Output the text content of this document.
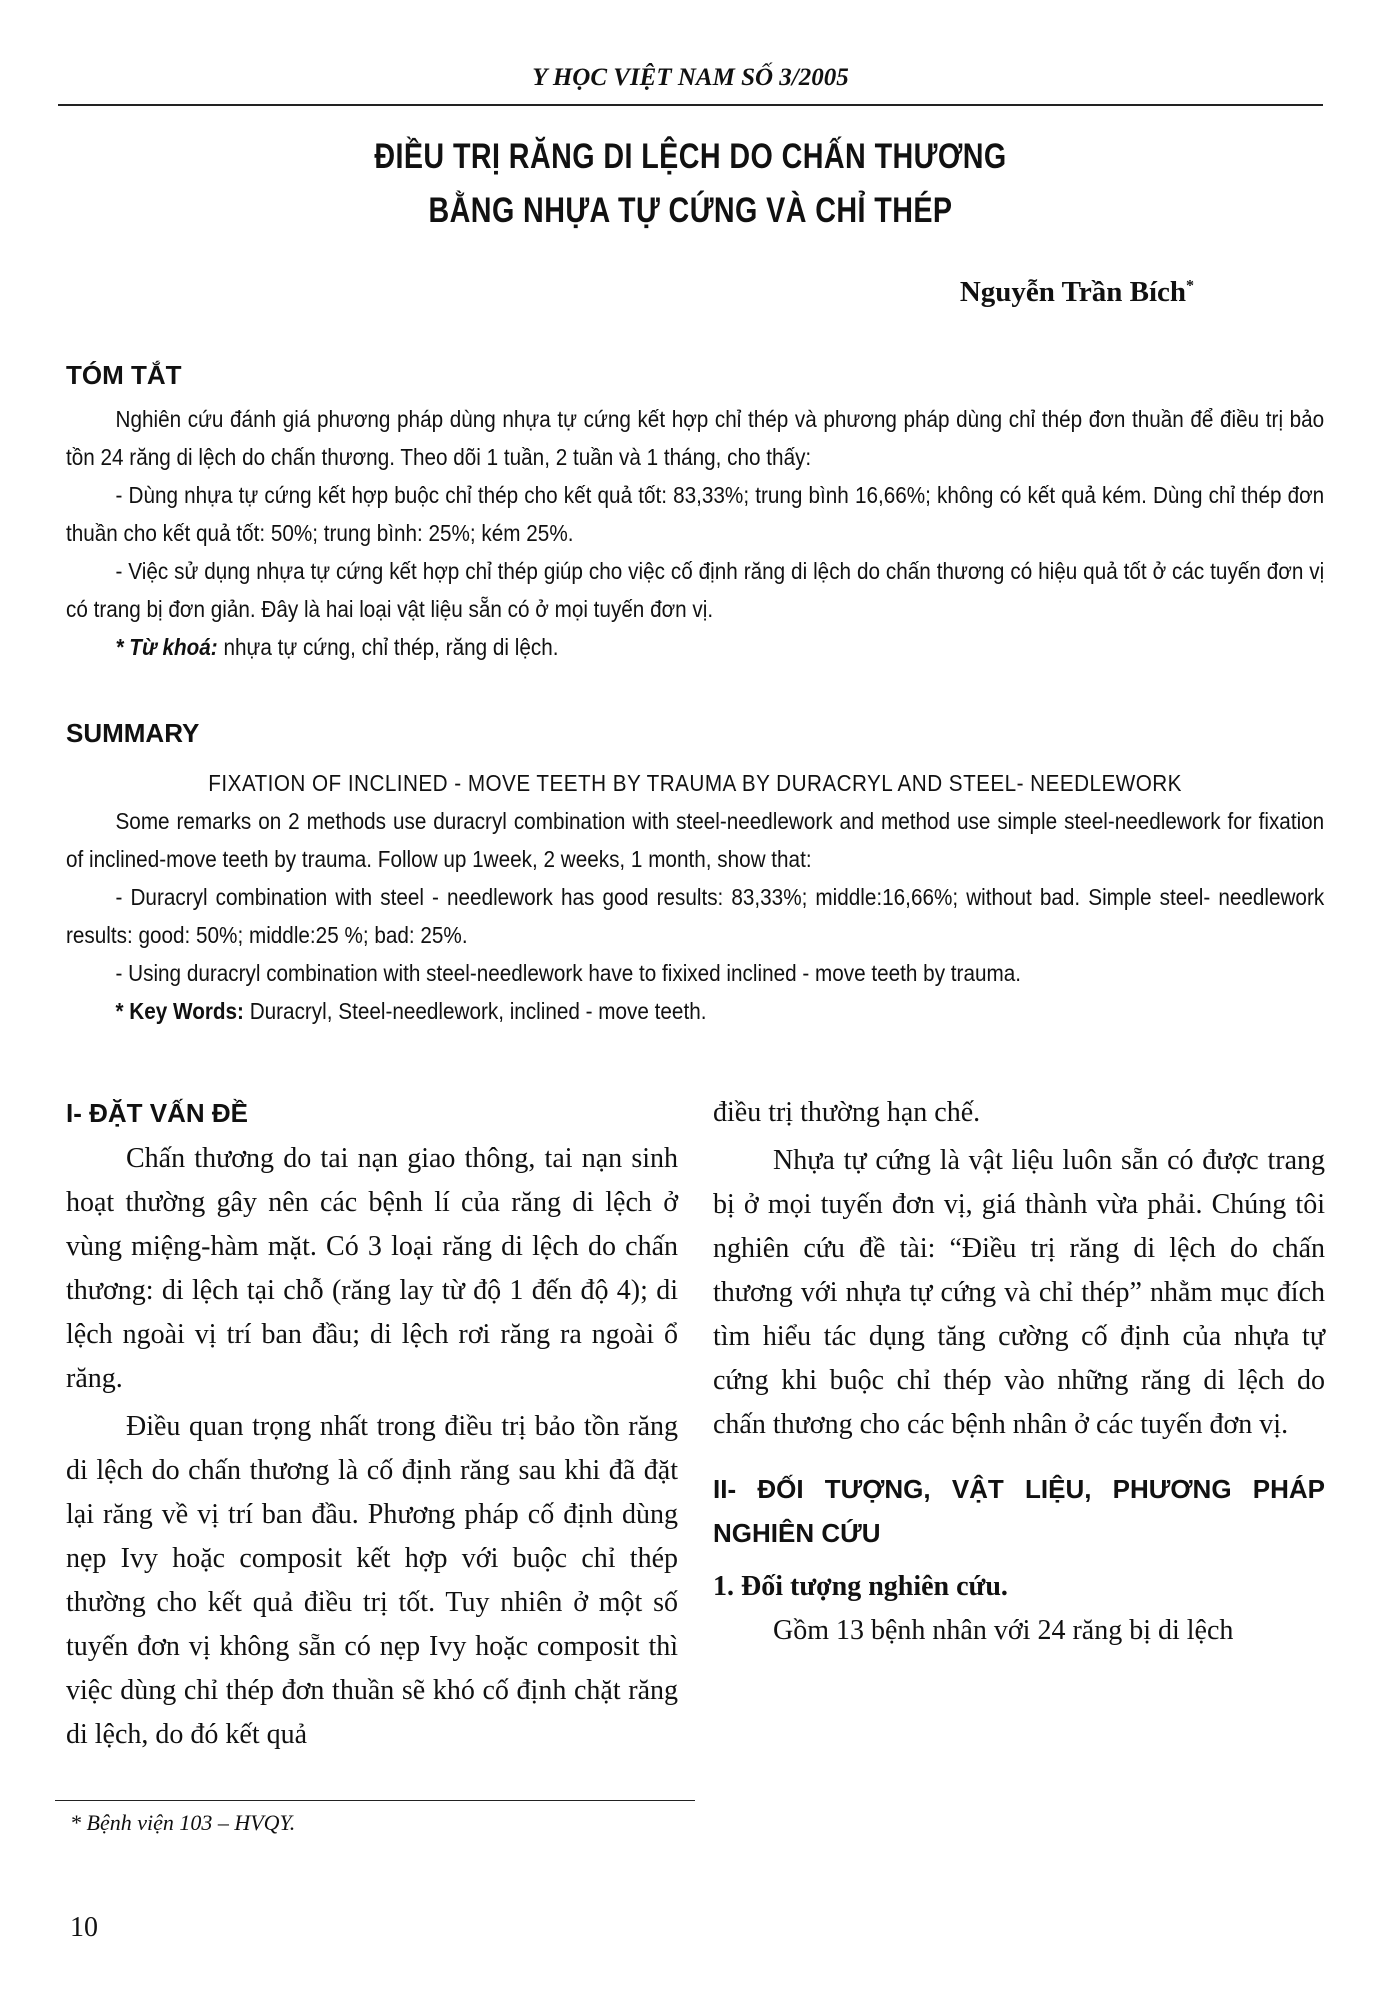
Y HỌC VIỆT NAM SỐ 3/2005
ĐIỀU TRỊ RĂNG DI LỆCH DO CHẤN THƯƠNG
BẰNG NHỰA TỰ CỨNG VÀ CHỈ THÉP
Nguyễn Trần Bích*
TÓM TẮT

Nghiên cứu đánh giá phương pháp dùng nhựa tự cứng kết hợp chỉ thép và phương pháp dùng chỉ thép đơn thuần để điều trị bảo tồn 24 răng di lệch do chấn thương. Theo dõi 1 tuần, 2 tuần và 1 tháng, cho thấy:

- Dùng nhựa tự cứng kết hợp buộc chỉ thép cho kết quả tốt: 83,33%; trung bình 16,66%; không có kết quả kém. Dùng chỉ thép đơn thuần cho kết quả tốt: 50%; trung bình: 25%; kém 25%.

- Việc sử dụng nhựa tự cứng kết hợp chỉ thép giúp cho việc cố định răng di lệch do chấn thương có hiệu quả tốt ở các tuyến đơn vị có trang bị đơn giản. Đây là hai loại vật liệu sẵn có ở mọi tuyến đơn vị.

* Từ khoá: nhựa tự cứng, chỉ thép, răng di lệch.

SUMMARY

FIXATION OF INCLINED - MOVE TEETH BY TRAUMA BY DURACRYL AND STEEL- NEEDLEWORK

Some remarks on 2 methods use duracryl combination with steel-needlework and method use simple steel-needlework for fixation of inclined-move teeth by trauma. Follow up 1week, 2 weeks, 1 month, show that:

- Duracryl combination with steel - needlework has good results: 83,33%; middle:16,66%; without bad. Simple steel- needlework results: good: 50%; middle:25 %; bad: 25%.

- Using duracryl combination with steel-needlework have to fixixed inclined - move teeth by trauma.

* Key Words: Duracryl, Steel-needlework, inclined - move teeth.

I- ĐẶT VẤN ĐỀ

Chấn thương do tai nạn giao thông, tai nạn sinh hoạt thường gây nên các bệnh lí của răng di lệch ở vùng miệng-hàm mặt. Có 3 loại răng di lệch do chấn thương: di lệch tại chỗ (răng lay từ độ 1 đến độ 4); di lệch ngoài vị trí ban đầu; di lệch rơi răng ra ngoài ổ răng.

Điều quan trọng nhất trong điều trị bảo tồn răng di lệch do chấn thương là cố định răng sau khi đã đặt lại răng về vị trí ban đầu. Phương pháp cố định dùng nẹp Ivy hoặc composit kết hợp với buộc chỉ thép thường cho kết quả điều trị tốt. Tuy nhiên ở một số tuyến đơn vị không sẵn có nẹp Ivy hoặc composit thì việc dùng chỉ thép đơn thuần sẽ khó cố định chặt răng di lệch, do đó kết quả

điều trị thường hạn chế.

Nhựa tự cứng là vật liệu luôn sẵn có được trang bị ở mọi tuyến đơn vị, giá thành vừa phải. Chúng tôi nghiên cứu đề tài: “Điều trị răng di lệch do chấn thương với nhựa tự cứng và chỉ thép” nhằm mục đích tìm hiểu tác dụng tăng cường cố định của nhựa tự cứng khi buộc chỉ thép vào những răng di lệch do chấn thương cho các bệnh nhân ở các tuyến đơn vị.

II- ĐỐI TƯỢNG, VẬT LIỆU, PHƯƠNG PHÁP NGHIÊN CỨU

1. Đối tượng nghiên cứu.

Gồm 13 bệnh nhân với 24 răng bị di lệch

* Bệnh viện 103 – HVQY.
10
